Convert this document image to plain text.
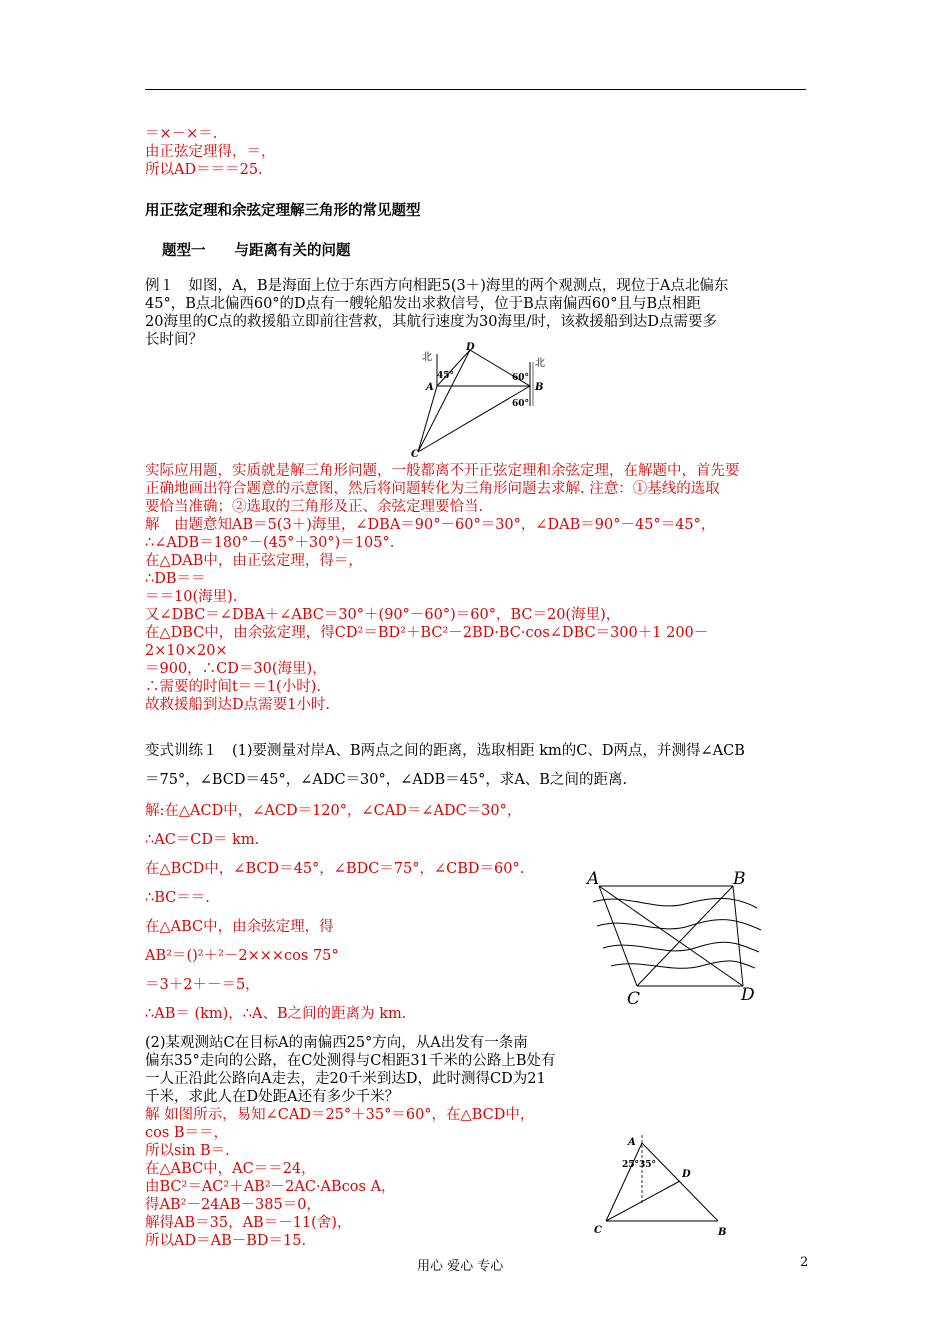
＝×－×＝.
由正弦定理得，＝，
所以AD＝＝＝25.
用正弦定理和余弦定理解三角形的常见题型
题型一　　与距离有关的问题
例１　如图，A，B是海面上位于东西方向相距5(3＋)海里的两个观测点，现位于A点北偏东
45°，B点北偏西60°的D点有一艘轮船发出求救信号，位于B点南偏西60°且与B点相距
20海里的C点的救援船立即前往营救，其航行速度为30海里/时，该救援船到达D点需要多
长时间？
北
北
D
A	B
C
45°	60°
60°
实际应用题，实质就是解三角形问题，一般都离不开正弦定理和余弦定理，在解题中，首先要
正确地画出符合题意的示意图，然后将问题转化为三角形问题去求解. 注意：①基线的选取
要恰当准确；②选取的三角形及正、余弦定理要恰当.
解　由题意知AB＝5(3＋)海里，∠DBA＝90°－60°＝30°，∠DAB＝90°－45°＝45°，
∴∠ADB＝180°－(45°＋30°)＝105°.
在△DAB中，由正弦定理，得＝，
∴DB＝＝
＝＝10(海里).
又∠DBC＝∠DBA＋∠ABC＝30°＋(90°－60°)＝60°，BC＝20(海里)，
在△DBC中，由余弦定理，得CD²＝BD²＋BC²－2BD·BC·cos∠DBC＝300＋1 200－
2×10×20×
＝900，∴CD＝30(海里)，
∴需要的时间t＝＝1(小时).
故救援船到达D点需要1小时.
变式训练１　(1)要测量对岸A、B两点之间的距离，选取相距 km的C、D两点，并测得∠ACB
＝75°，∠BCD＝45°，∠ADC＝30°，∠ADB＝45°，求A、B之间的距离.
解:在△ACD中，∠ACD＝120°，∠CAD＝∠ADC＝30°，
∴AC＝CD＝ km.
在△BCD中，∠BCD＝45°，∠BDC＝75°，∠CBD＝60°.
∴BC＝＝.
在△ABC中，由余弦定理，得
AB²＝()²＋²－2×××cos 75°
＝3＋2＋－＝5，
∴AB＝ (km)，∴A、B之间的距离为 km.
A	B
C	D
(2)某观测站C在目标A的南偏西25°方向，从A出发有一条南
偏东35°走向的公路，在C处测得与C相距31千米的公路上B处有
一人正沿此公路向A走去，走20千米到达D，此时测得CD为21
千米，求此人在D处距A还有多少千米？
解 如图所示，易知∠CAD＝25°＋35°＝60°，在△BCD中，
cos B＝＝，
所以sin B＝.
在△ABC中，AC＝＝24，
由BC²＝AC²＋AB²－2AC·ABcos A，
得AB²－24AB－385＝0，
解得AB＝35，AB＝－11(舍)，
所以AD＝AB－BD＝15.
A
D
C	B
25°35°
用心 爱心 专心	2
